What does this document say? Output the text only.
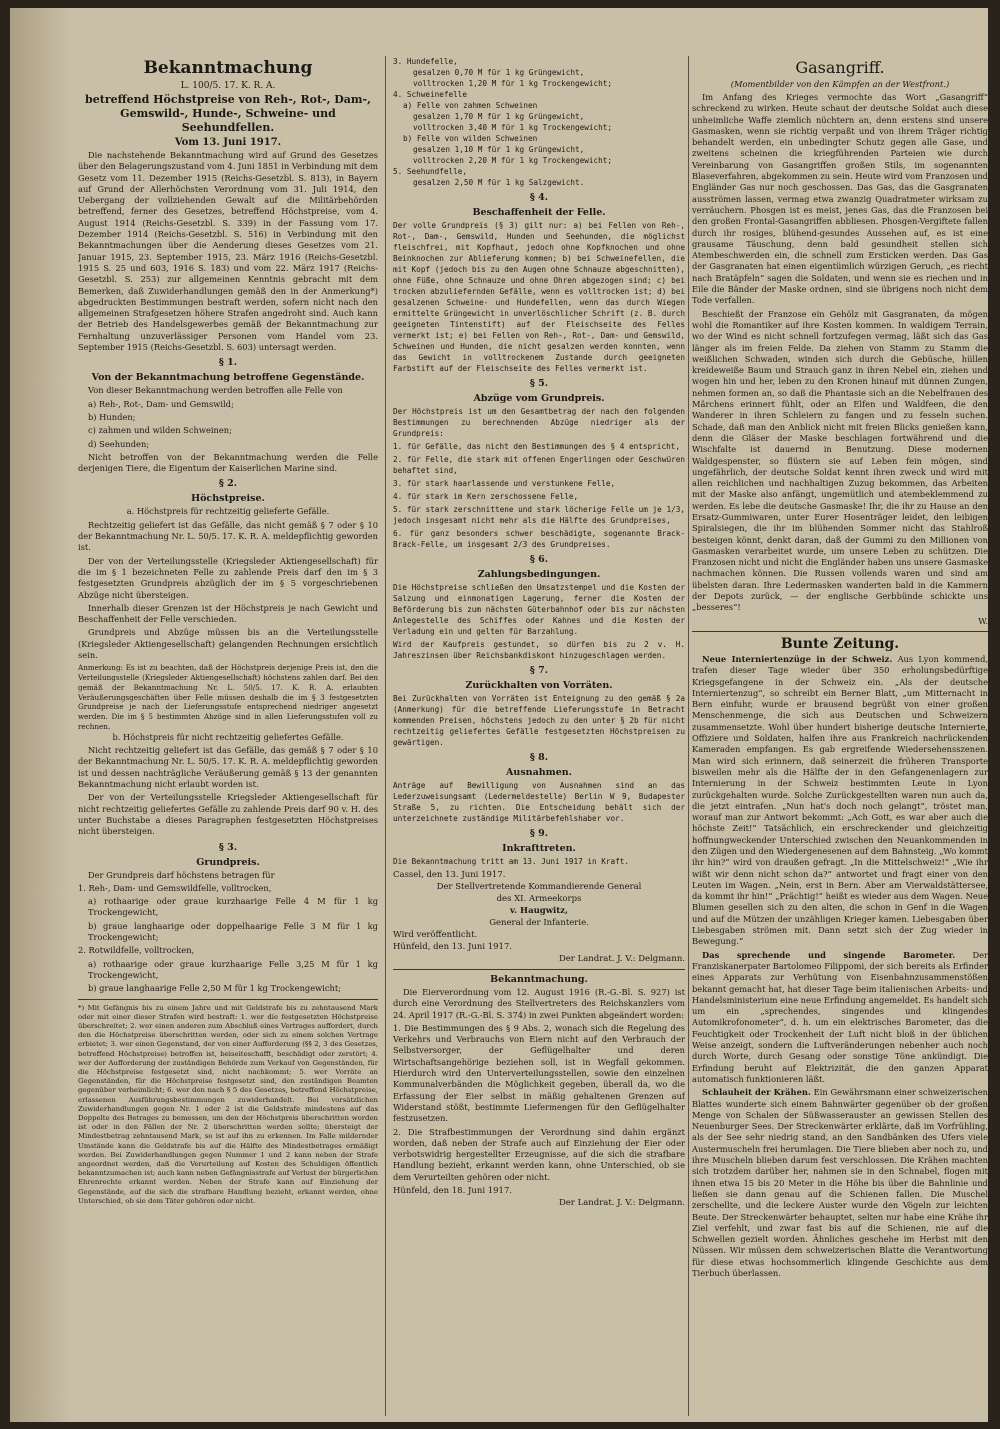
Bekanntmachung
L. 100/5. 17. K. R. A.
betreffend Höchstpreise von Reh-, Rot-, Dam-, Gemswild-, Hunde-, Schweine- und Seehundfellen.
Vom 13. Juni 1917.

Die nachstehende Bekanntmachung wird auf Grund des Gesetzes über den Belagerungszustand vom 4. Juni 1851 in Verbindung mit dem Gesetz vom 11. Dezember 1915 (Reichs-Gesetzbl. S. 813), in Bayern auf Grund der Allerhöchsten Verordnung vom 31. Juli 1914, den Uebergang der vollziehenden Gewalt auf die Militärbehörden betreffend, ferner des Gesetzes, betreffend Höchstpreise, vom 4. August 1914 (Reichs-Gesetzbl. S. 339) in der Fassung vom 17. Dezember 1914 (Reichs-Gesetzbl. S. 516) in Verbindung mit den Bekanntmachungen über die Aenderung dieses Gesetzes vom 21. Januar 1915, 23. September 1915, 23. März 1916 (Reichs-Gesetzbl. 1915 S. 25 und 603, 1916 S. 183) und vom 22. März 1917 (Reichs-Gesetzbl. S. 253) zur allgemeinen Kenntnis gebracht mit dem Bemerken, daß Zuwiderhandlungen gemäß den in der Anmerkung*) abgedruckten Bestimmungen bestraft werden, sofern nicht nach den allgemeinen Strafgesetzen höhere Strafen angedroht sind. Auch kann der Betrieb des Handelsgewerbes gemäß der Bekanntmachung zur Fernhaltung unzuverlässiger Personen vom Handel vom 23. September 1915 (Reichs-Gesetzbl. S. 603) untersagt werden.

§ 1.
Von der Bekanntmachung betroffene Gegenstände.

Von dieser Bekanntmachung werden betroffen alle Felle von

a) Reh-, Rot-, Dam- und Gemswild;

b) Hunden;

c) zahmen und wilden Schweinen;

d) Seehunden;

Nicht betroffen von der Bekanntmachung werden die Felle derjenigen Tiere, die Eigentum der Kaiserlichen Marine sind.

§ 2.
Höchstpreise.

a. Höchstpreis für rechtzeitig gelieferte Gefälle.

Rechtzeitig geliefert ist das Gefälle, das nicht gemäß § 7 oder § 10 der Bekanntmachung Nr. L. 50/5. 17. K. R. A. meldepflichtig geworden ist.

Der von der Verteilungsstelle (Kriegsleder Aktiengesellschaft) für die im § 1 bezeichneten Felle zu zahlende Preis darf den im § 3 festgesetzten Grundpreis abzüglich der im § 5 vorgeschriebenen Abzüge nicht übersteigen.

Innerhalb dieser Grenzen ist der Höchstpreis je nach Gewicht und Beschaffenheit der Felle verschieden.

Grundpreis und Abzüge müssen bis an die Verteilungsstelle (Kriegsleder Aktiengesellschaft) gelangenden Rechnungen ersichtlich sein.

Anmerkung: Es ist zu beachten, daß der Höchstpreis derjenige Preis ist, den die Verteilungsstelle (Kriegsleder Aktiengesellschaft) höchstens zahlen darf. Bei den gemäß der Bekanntmachung Nr. L. 50/5. 17. K. R. A. erlaubten Veräußerungsgeschäften über Felle müssen deshalb die im § 3 festgesetzten Grundpreise je nach der Lieferungsstufe entsprechend niedriger angesetzt werden. Die im § 5 bestimmten Abzüge sind in allen Lieferungsstufen voll zu rechnen.

b. Höchstpreis für nicht rechtzeitig geliefertes Gefälle.

Nicht rechtzeitig geliefert ist das Gefälle, das gemäß § 7 oder § 10 der Bekanntmachung Nr. L. 50/5. 17. K. R. A. meldepflichtig geworden ist und dessen nachträgliche Veräußerung gemäß § 13 der genannten Bekanntmachung nicht erlaubt worden ist.

Der von der Verteilungsstelle Kriegsleder Aktiengesellschaft für nicht rechtzeitig geliefertes Gefälle zu zahlende Preis darf 90 v. H. des unter Buchstabe a dieses Paragraphen festgesetzten Höchstpreises nicht übersteigen.

§ 3.
Grundpreis.

Der Grundpreis darf höchstens betragen für

1. Reh-, Dam- und Gemswildfelle, volltrocken,

a) rothaarige oder graue kurzhaarige Felle 4 M für 1 kg Trockengewicht,

b) graue langhaarige oder doppelhaarige Felle 3 M für 1 kg Trockengewicht;

2. Rotwildfelle, volltrocken,

a) rothaarige oder graue kurzhaarige Felle 3,25 M für 1 kg Trockengewicht,

b) graue langhaarige Felle 2,50 M für 1 kg Trockengewicht;

*) Mit Gefängnis bis zu einem Jahre und mit Geldstrafe bis zu zehntausend Mark oder mit einer dieser Strafen wird bestraft: 1. wer die festgesetzten Höchstpreise überschreitet; 2. wer einen anderen zum Abschluß eines Vertrages auffordert, durch den die Höchstpreise überschritten werden, oder sich zu einem solchen Vertrage erbietet; 3. wer einen Gegenstand, der von einer Aufforderung (§§ 2, 3 des Gesetzes, betreffend Höchstpreise) betroffen ist, beiseiteschafft, beschädigt oder zerstört; 4. wer der Aufforderung der zuständigen Behörde zum Verkauf von Gegenständen, für die Höchstpreise festgesetzt sind, nicht nachkommt; 5. wer Vorräte an Gegenständen, für die Höchstpreise festgesetzt sind, den zuständigen Beamten gegenüber verheimlicht; 6. wer den nach § 5 des Gesetzes, betreffend Höchstpreise, erlassenen Ausführungsbestimmungen zuwiderhandelt. Bei vorsätzlichen Zuwiderhandlungen gegen Nr. 1 oder 2 ist die Geldstrafe mindestens auf das Doppelte des Betrages zu bemessen, um den der Höchstpreis überschritten worden ist oder in den Fällen der Nr. 2 überschritten werden sollte; übersteigt der Mindestbetrag zehntausend Mark, so ist auf ihn zu erkennen. Im Falle mildernder Umstände kann die Geldstrafe bis auf die Hälfte des Mindestbetrages ermäßigt werden. Bei Zuwiderhandlungen gegen Nummer 1 und 2 kann neben der Strafe angeordnet werden, daß die Verurteilung auf Kosten des Schuldigen öffentlich bekanntzumachen ist; auch kann neben Gefängnisstrafe auf Verlust der bürgerlichen Ehrenrechte erkannt werden. Neben der Strafe kann auf Einziehung der Gegenstände, auf die sich die strafbare Handlung bezieht, erkannt werden, ohne Unterschied, ob sie dem Täter gehören oder nicht.

3. Hundefelle,
gesalzen 0,70 M für 1 kg Grüngewicht,
volltrocken 1,20 M für 1 kg Trockengewicht;
4. Schweinefelle
a) Felle von zahmen Schweinen
gesalzen 1,70 M für 1 kg Grüngewicht,
volltrocken 3,40 M für 1 kg Trockengewicht;
b) Felle von wilden Schweinen
gesalzen 1,10 M für 1 kg Grüngewicht,
volltrocken 2,20 M für 1 kg Trockengewicht;
5. Seehundfelle,
gesalzen 2,50 M für 1 kg Salzgewicht.
§ 4.
Beschaffenheit der Felle.

Der volle Grundpreis (§ 3) gilt nur: a) bei Fellen von Reh-, Rot-, Dam-, Gemswild, Hunden und Seehunden, die möglichst fleischfrei, mit Kopfhaut, jedoch ohne Kopfknochen und ohne Beinknochen zur Ablieferung kommen; b) bei Schweinefellen, die mit Kopf (jedoch bis zu den Augen ohne Schnauze abgeschnitten), ohne Füße, ohne Schnauze und ohne Ohren abgezogen sind; c) bei trocken abzuliefernden Gefälle, wenn es volltrocken ist; d) bei gesalzenen Schweine- und Hundefellen, wenn das durch Wiegen ermittelte Grüngewicht in unverlöschlicher Schrift (z. B. durch geeigneten Tintenstift) auf der Fleischseite des Felles vermerkt ist; e) bei Fellen von Reh-, Rot-, Dam- und Gemswild, Schweinen und Hunden, die nicht gesalzen werden konnten, wenn das Gewicht in volltrockenem Zustande durch geeigneten Farbstift auf der Fleischseite des Felles vermerkt ist.

§ 5.
Abzüge vom Grundpreis.

Der Höchstpreis ist um den Gesamtbetrag der nach den folgenden Bestimmungen zu berechnenden Abzüge niedriger als der Grundpreis:

1. für Gefälle, das nicht den Bestimmungen des § 4 entspricht,

2. für Felle, die stark mit offenen Engerlingen oder Geschwüren behaftet sind,

3. für stark haarlassende und verstunkene Felle,

4. für stark im Kern zerschossene Felle,

5. für stark zerschnittene und stark löcherige Felle um je 1/3, jedoch insgesamt nicht mehr als die Hälfte des Grundpreises,

6. für ganz besonders schwer beschädigte, sogenannte Brack-Brack-Felle, um insgesamt 2/3 des Grundpreises.

§ 6.
Zahlungsbedingungen.

Die Höchstpreise schließen den Umsatzstempel und die Kosten der Salzung und einmonatigen Lagerung, ferner die Kosten der Beförderung bis zum nächsten Güterbahnhof oder bis zur nächsten Anlegestelle des Schiffes oder Kahnes und die Kosten der Verladung ein und gelten für Barzahlung.

Wird der Kaufpreis gestundet, so dürfen bis zu 2 v. H. Jahreszinsen über Reichsbankdiskont hinzugeschlagen werden.

§ 7.
Zurückhalten von Vorräten.

Bei Zurückhalten von Vorräten ist Enteignung zu den gemäß § 2a (Anmerkung) für die betreffende Lieferungsstufe in Betracht kommenden Preisen, höchstens jedoch zu den unter § 2b für nicht rechtzeitig geliefertes Gefälle festgesetzten Höchstpreisen zu gewärtigen.

§ 8.
Ausnahmen.

Anträge auf Bewilligung von Ausnahmen sind an das Lederzuweisungsamt (Ledermeldestelle) Berlin W 9, Budapester Straße 5, zu richten. Die Entscheidung behält sich der unterzeichnete zuständige Militärbefehlshaber vor.

§ 9.
Inkrafttreten.

Die Bekanntmachung tritt am 13. Juni 1917 in Kraft.

Cassel, den 13. Juni 1917.
Der Stellvertretende Kommandierende General
des XI. Armeekorps
v. Haugwitz,
General der Infanterie.
Wird veröffentlicht.
Hünfeld, den 13. Juni 1917.
Der Landrat. J. V.: Delgmann.
Bekanntmachung.

Die Eierverordnung vom 12. August 1916 (R.-G.-Bl. S. 927) ist durch eine Verordnung des Stellvertreters des Reichskanzlers vom 24. April 1917 (R.-G.-Bl. S. 374) in zwei Punkten abgeändert worden:

1. Die Bestimmungen des § 9 Abs. 2, wonach sich die Regelung des Verkehrs und Verbrauchs von Eiern nicht auf den Verbrauch der Selbstversorger, der Geflügelhalter und deren Wirtschaftsangehörige beziehen soll, ist in Wegfall gekommen. Hierdurch wird den Unterverteilungsstellen, sowie den einzelnen Kommunalverbänden die Möglichkeit gegeben, überall da, wo die Erfassung der Eier selbst in mäßig gehaltenen Grenzen auf Widerstand stößt, bestimmte Liefermengen für den Geflügelhalter festzusetzen.

2. Die Strafbestimmungen der Verordnung sind dahin ergänzt worden, daß neben der Strafe auch auf Einziehung der Eier oder verbotswidrig hergestellter Erzeugnisse, auf die sich die strafbare Handlung bezieht, erkannt werden kann, ohne Unterschied, ob sie dem Verurteilten gehören oder nicht.

Hünfeld, den 18. Juni 1917.
Der Landrat. J. V.: Delgmann.
Gasangriff.
(Momentbilder von den Kämpfen an der Westfront.)

Im Anfang des Krieges vermochte das Wort „Gasangriff“ schreckend zu wirken. Heute schaut der deutsche Soldat auch diese unheimliche Waffe ziemlich nüchtern an, denn erstens sind unsere Gasmasken, wenn sie richtig verpaßt und von ihrem Träger richtig behandelt werden, ein unbedingter Schutz gegen alle Gase, und zweitens scheinen die kriegführenden Parteien wie durch Vereinbarung von Gasangriffen großen Stils, im sogenannten Blaseverfahren, abgekommen zu sein. Heute wird vom Franzosen und Engländer Gas nur noch geschossen. Das Gas, das die Gasgranaten ausströmen lassen, vermag etwa zwanzig Quadratmeter wirksam zu verräuchern. Phosgen ist es meist, jenes Gas, das die Franzosen bei den großen Frontal-Gasangriffen abbliesen. Phosgen-Vergiftete fallen durch ihr rosiges, blühend-gesundes Aussehen auf, es ist eine grausame Täuschung, denn bald gesundheit stellen sich Atembeschwerden ein, die schnell zum Ersticken werden. Das Gas der Gasgranaten hat einen eigentümlich würzigen Geruch, „es riecht nach Bratäpfeln“ sagen die Soldaten, und wenn sie es riechen und in Eile die Bänder der Maske ordnen, sind sie übrigens noch nicht dem Tode verfallen.

Beschießt der Franzose ein Gehölz mit Gasgranaten, da mögen wohl die Romantiker auf ihre Kosten kommen. In waldigem Terrain, wo der Wind es nicht schnell fortzufegen vermag, läßt sich das Gas länger als im freien Felde. Da ziehen von Stamm zu Stamm die weißlichen Schwaden, winden sich durch die Gebüsche, hüllen kreideweiße Baum und Strauch ganz in ihren Nebel ein, ziehen und wogen hin und her, leben zu den Kronen hinauf mit dünnen Zungen, nehmen formen an, so daß die Phantasie sich an die Nebelfrauen des Märchens erinnert fühlt, oder an Elfen und Waldfeen, die den Wanderer in ihren Schleiern zu fangen und zu fesseln suchen. Schade, daß man den Anblick nicht mit freien Blicks genießen kann, denn die Gläser der Maske beschlagen fortwährend und die Wischfalte ist dauernd in Benutzung. Diese modernen Waldgespenster, so flüstern sie auf Leben fein mögen, sind ungefährlich, der deutsche Soldat kennt ihren zweck und wird mit allen reichlichen und nachhaltigen Zuzug bekommen, das Arbeiten mit der Maske also anfängt, ungemütlich und atembeklemmend zu werden. Es lebe die deutsche Gasmaske! Ihr, die ihr zu Hause an den Ersatz-Gummiwaren, unter Eurer Hosenträger leidet, den leibigen Spiralsiegen, die ihr im blühenden Sommer nicht das Stahlroß besteigen könnt, denkt daran, daß der Gummi zu den Millionen von Gasmasken verarbeitet wurde, um unsere Leben zu schützen. Die Franzosen nicht und nicht die Engländer haben uns unsere Gasmaske nachmachen können. Die Russen vollends waren und sind am übelsten daran. Ihre Ledermasken wanderten bald in die Kammern der Depots zurück, — der englische Gerbbünde schickte uns „besseres“!

W.

Bunte Zeitung.

Neue Interniertenzüge in der Schweiz. Aus Lyon kommend, trafen dieser Tage wieder über 350 erholungsbedürftige Kriegsgefangene in der Schweiz ein. „Als der deutsche Interniertenzug“, so schreibt ein Berner Blatt, „um Mitternacht in Bern einfuhr, wurde er brausend begrüßt von einer großen Menschenmenge, die sich aus Deutschen und Schweizern zusammensetzte. Wohl über hundert bisherige deutsche Internierte, Offiziere und Soldaten, halfen ihre aus Frankreich nachrückenden Kameraden empfangen. Es gab ergreifende Wiedersehensszenen. Man wird sich erinnern, daß seinerzeit die früheren Transporte bisweilen mehr als die Hälfte der in den Gefangenenlagern zur Internierung in der Schweiz bestimmten Leute in Lyon zurückgehalten wurde. Solche Zurückgestellten waren nun auch da, die jetzt eintrafen. „Nun hat's doch noch gelangt“, tröstet man, worauf man zur Antwort bekommt: „Ach Gott, es war aber auch die höchste Zeit!“ Tatsächlich, ein erschreckender und gleichzeitig hoffnungweckender Unterschied zwischen den Neuankommenden in den Zügen und den Wiedergenesenen auf dem Bahnsteig. „Wo kommt ihr hin?“ wird von draußen gefragt. „In die Mittelschweiz!“ „Wie ihr wißt wir denn nicht schon da?“ antwortet und fragt einer von den Leuten im Wagen. „Nein, erst in Bern. Aber am Vierwaldstättersee, da kommt ihr hin!“ „Prächtig!“ heißt es wieder aus dem Wagen. Neue Blumen gesellen sich zu den alten, die schon in Genf in die Wagen und auf die Mützen der unzähligen Krieger kamen. Liebesgaben über Liebesgaben strömen mit. Dann setzt sich der Zug wieder in Bewegung.“

Das sprechende und singende Barometer. Der Franziskanerpater Bartolomeo Filippomi, der sich bereits als Erfinder eines Apparats zur Verhütung von Eisenbahnzusammenstößen bekannt gemacht hat, hat dieser Tage beim italienischen Arbeits- und Handelsministerium eine neue Erfindung angemeldet. Es handelt sich um ein „sprechendes, singendes und klingendes Automikrofonometer“, d. h. um ein elektrisches Barometer, das die Feuchtigkeit oder Trockenheit der Luft nicht bloß in der üblichen Weise anzeigt, sondern die Luftveränderungen nebenher auch noch durch Worte, durch Gesang oder sonstige Töne ankündigt. Die Erfindung beruht auf Elektrizität, die den ganzen Apparat automatisch funktionieren läßt.

Schlauheit der Krähen. Ein Gewährsmann einer schweizerischen Blattes wunderte sich einem Bahnwärter gegenüber ob der großen Menge von Schalen der Süßwasserauster an gewissen Stellen des Neuenburger Sees. Der Streckenwärter erklärte, daß im Vorfrühling, als der See sehr niedrig stand, an den Sandbänken des Ufers viele Austermuscheln frei herumlagen. Die Tiere blieben aber noch zu, und ihre Muscheln blieben darum fest verschlossen. Die Krähen machten sich trotzdem darüber her, nahmen sie in den Schnabel, flogen mit ihnen etwa 15 bis 20 Meter in die Höhe bis über die Bahnlinie und ließen sie dann genau auf die Schienen fallen. Die Muschel zerschellte, und die leckere Auster wurde den Vögeln zur leichten Beute. Der Streckenwärter behauptet, selten nur habe eine Krähe ihr Ziel verfehlt, und zwar fast bis auf die Schienen, nie auf die Schwellen gezielt worden. Ähnliches geschehe im Herbst mit den Nüssen. Wir müssen dem schweizerischen Blatte die Verantwortung für diese etwas hochsommerlich klingende Geschichte aus dem Tierbuch überlassen.
